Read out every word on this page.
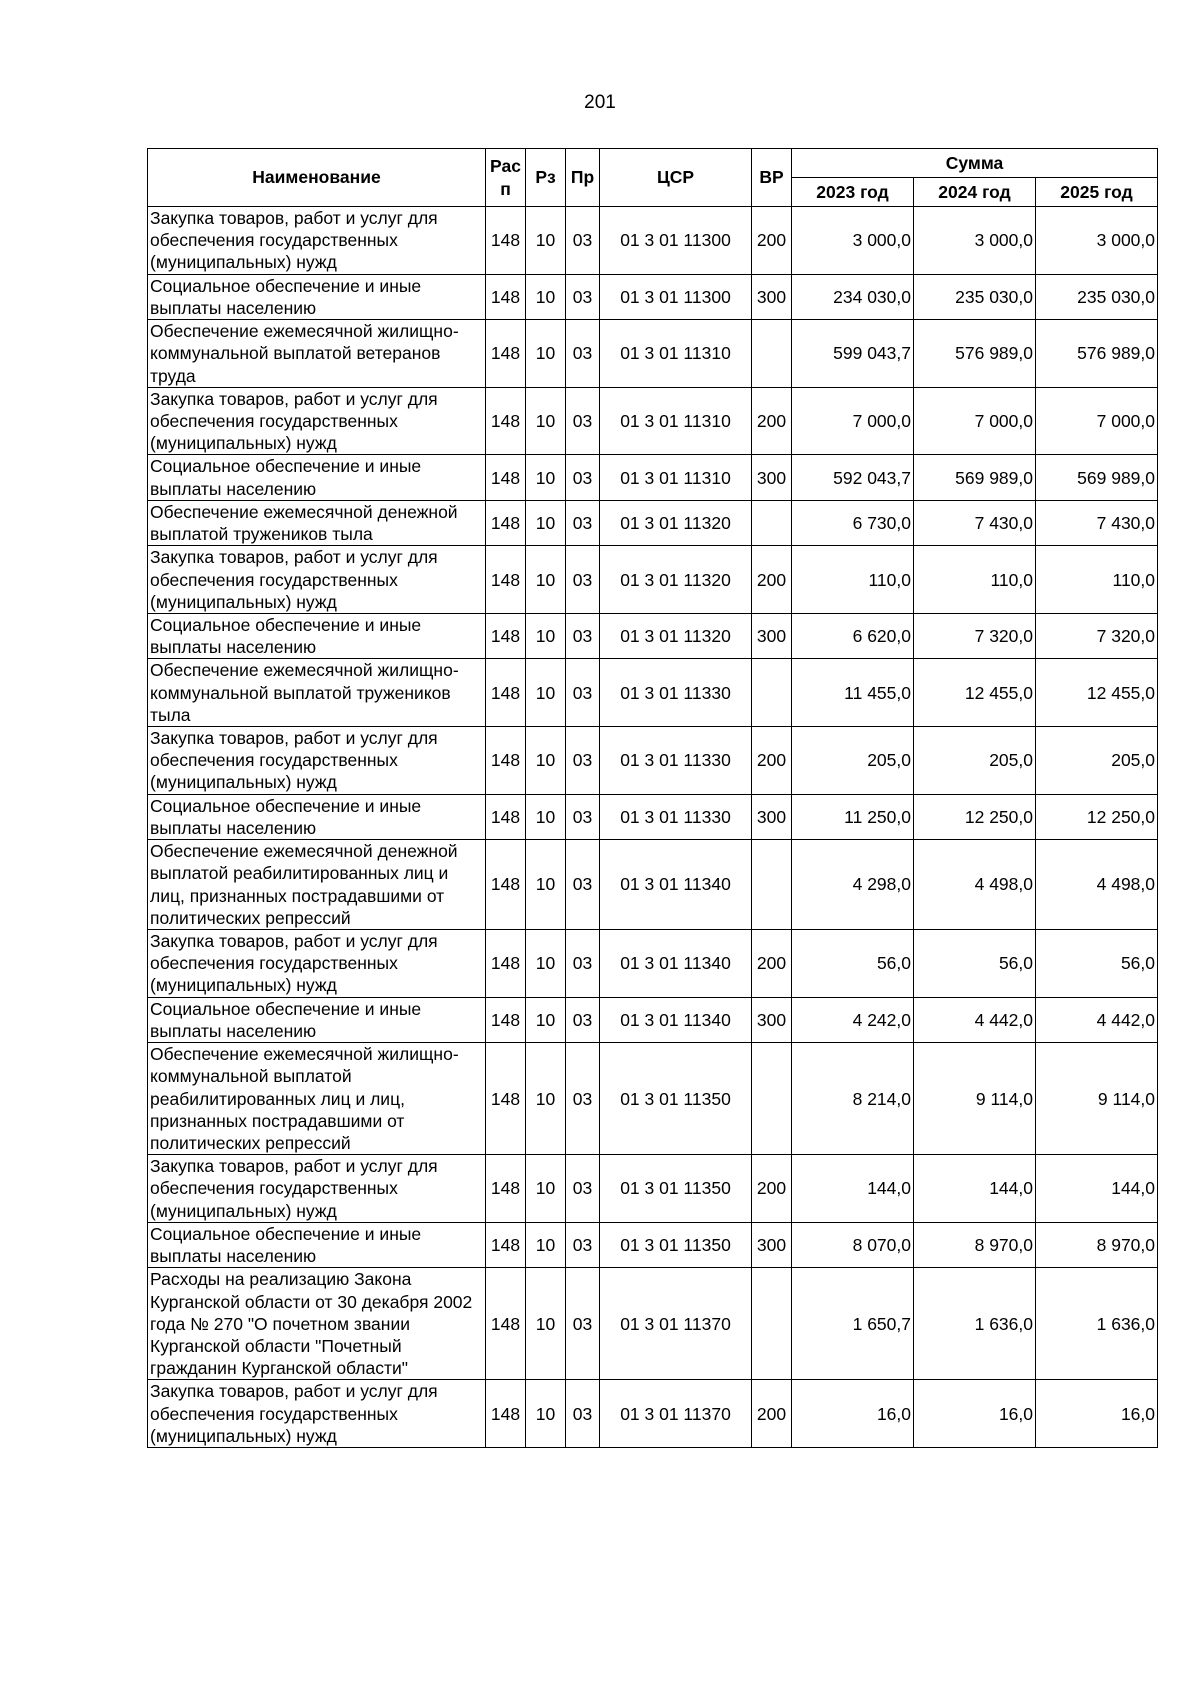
201
Наименование	Рас п	Рз	Пр	ЦСР	ВР	Сумма		
						2023 год	2024 год	2025 год
Закупка товаров, работ и услуг для обеспечения государственных (муниципальных) нужд	148	10	03	01 3 01 11300	200	3 000,0	3 000,0	3 000,0
Социальное обеспечение и иные выплаты населению	148	10	03	01 3 01 11300	300	234 030,0	235 030,0	235 030,0
Обеспечение ежемесячной жилищно-коммунальной выплатой ветеранов труда	148	10	03	01 3 01 11310		599 043,7	576 989,0	576 989,0
Закупка товаров, работ и услуг для обеспечения государственных (муниципальных) нужд	148	10	03	01 3 01 11310	200	7 000,0	7 000,0	7 000,0
Социальное обеспечение и иные выплаты населению	148	10	03	01 3 01 11310	300	592 043,7	569 989,0	569 989,0
Обеспечение ежемесячной денежной выплатой тружеников тыла	148	10	03	01 3 01 11320		6 730,0	7 430,0	7 430,0
Закупка товаров, работ и услуг для обеспечения государственных (муниципальных) нужд	148	10	03	01 3 01 11320	200	110,0	110,0	110,0
Социальное обеспечение и иные выплаты населению	148	10	03	01 3 01 11320	300	6 620,0	7 320,0	7 320,0
Обеспечение ежемесячной жилищно-коммунальной выплатой тружеников тыла	148	10	03	01 3 01 11330		11 455,0	12 455,0	12 455,0
Закупка товаров, работ и услуг для обеспечения государственных (муниципальных) нужд	148	10	03	01 3 01 11330	200	205,0	205,0	205,0
Социальное обеспечение и иные выплаты населению	148	10	03	01 3 01 11330	300	11 250,0	12 250,0	12 250,0
Обеспечение ежемесячной денежной выплатой реабилитированных лиц и лиц, признанных пострадавшими от политических репрессий	148	10	03	01 3 01 11340		4 298,0	4 498,0	4 498,0
Закупка товаров, работ и услуг для обеспечения государственных (муниципальных) нужд	148	10	03	01 3 01 11340	200	56,0	56,0	56,0
Социальное обеспечение и иные выплаты населению	148	10	03	01 3 01 11340	300	4 242,0	4 442,0	4 442,0
Обеспечение ежемесячной жилищно-коммунальной выплатой реабилитированных лиц и лиц, признанных пострадавшими от политических репрессий	148	10	03	01 3 01 11350		8 214,0	9 114,0	9 114,0
Закупка товаров, работ и услуг для обеспечения государственных (муниципальных) нужд	148	10	03	01 3 01 11350	200	144,0	144,0	144,0
Социальное обеспечение и иные выплаты населению	148	10	03	01 3 01 11350	300	8 070,0	8 970,0	8 970,0
Расходы на реализацию Закона Курганской области от 30 декабря 2002 года № 270 "О почетном звании Курганской области "Почетный гражданин Курганской области"	148	10	03	01 3 01 11370		1 650,7	1 636,0	1 636,0
Закупка товаров, работ и услуг для обеспечения государственных (муниципальных) нужд	148	10	03	01 3 01 11370	200	16,0	16,0	16,0
